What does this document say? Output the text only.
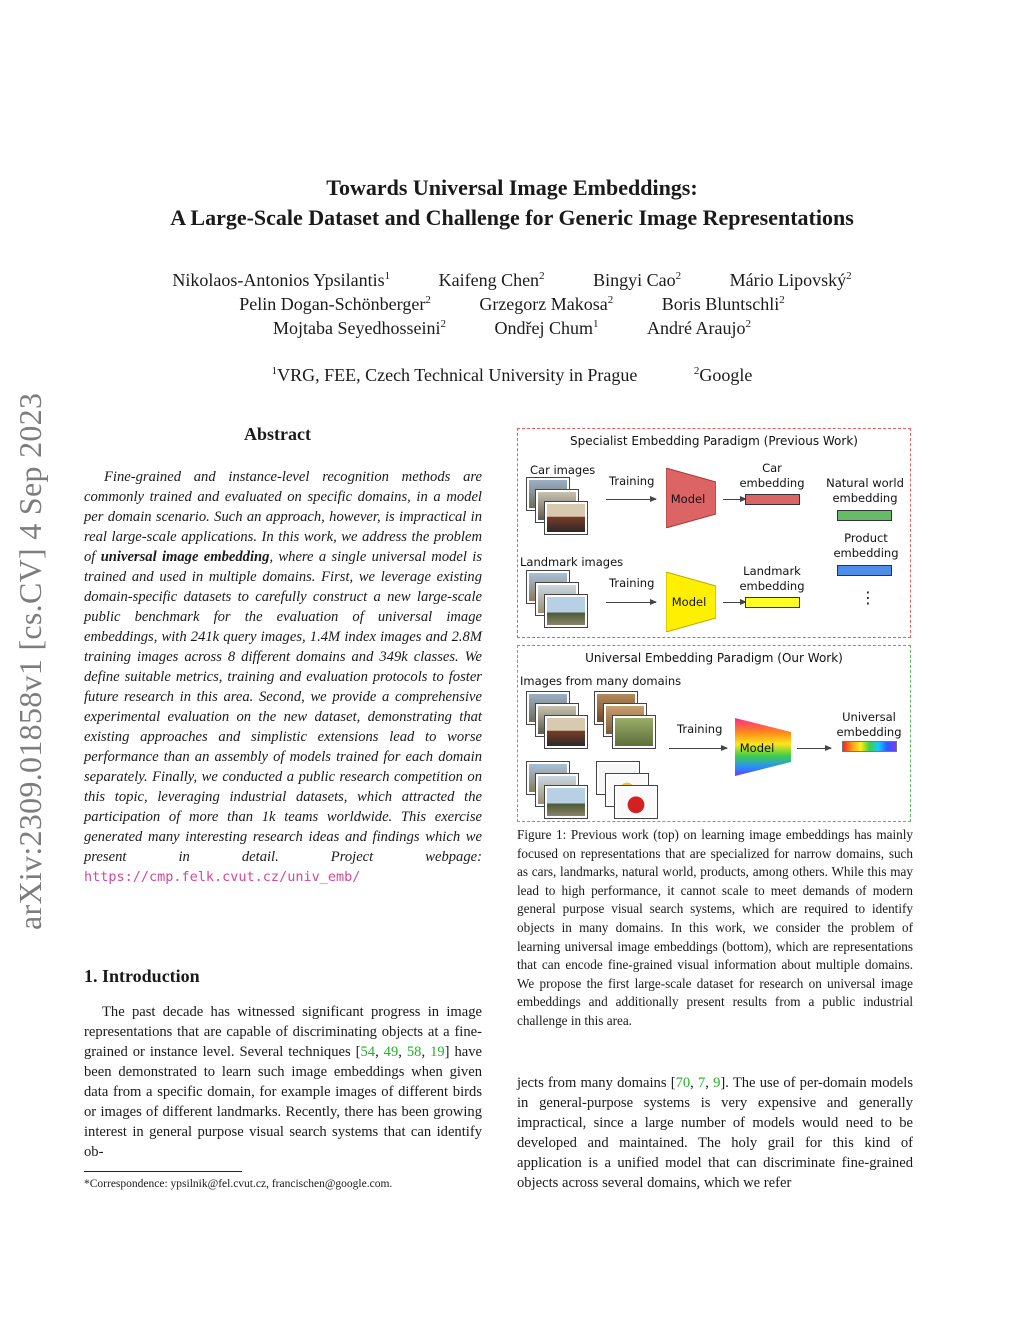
arXiv:2309.01858v1 [cs.CV] 4 Sep 2023
Towards Universal Image Embeddings:
A Large-Scale Dataset and Challenge for Generic Image Representations
Nikolaos-Antonios Ypsilantis$^1$	Kaifeng Chen$^2$	Bingyi Cao$^2$	Mário Lipovský$^2$
Pelin Dogan-Schönberger$^2$	Grzegorz Makosa$^2$	Boris Bluntschli$^2$
Mojtaba Seyedhosseini$^2$	Ondřej Chum$^1$	André Araujo$^2$
$^1$VRG, FEE, Czech Technical University in Prague	$^2$Google
Abstract
Fine-grained and instance-level recognition methods are commonly trained and evaluated on specific domains, in a model per domain scenario. Such an approach, however, is impractical in real large-scale applications. In this work, we address the problem of universal image embedding, where a single universal model is trained and used in multiple domains. First, we leverage existing domain-specific datasets to carefully construct a new large-scale public benchmark for the evaluation of universal image embeddings, with 241k query images, 1.4M index images and 2.8M training images across 8 different domains and 349k classes. We define suitable metrics, training and evaluation protocols to foster future research in this area. Second, we provide a comprehensive experimental evaluation on the new dataset, demonstrating that existing approaches and simplistic extensions lead to worse performance than an assembly of models trained for each domain separately. Finally, we conducted a public research competition on this topic, leveraging industrial datasets, which attracted the participation of more than 1k teams worldwide. This exercise generated many interesting research ideas and findings which we present in detail. Project webpage: https://cmp.felk.cvut.cz/univ_emb/
1. Introduction
The past decade has witnessed significant progress in image representations that are capable of discriminating objects at a fine-grained or instance level. Several techniques [54, 49, 58, 19] have been demonstrated to learn such image embeddings when given data from a specific domain, for example images of different birds or images of different landmarks. Recently, there has been growing interest in general purpose visual search systems that can identify ob-
*Correspondence: ypsilnik@fel.cvut.cz, francischen@google.com.
Specialist Embedding Paradigm (Previous Work)
Car images
Training
Model
Car embedding	Natural world embedding
Product embedding
⋮
Landmark images
Training
Model
Landmark embedding
Universal Embedding Paradigm (Our Work)
Images from many domains
Training
Model
Universal embedding
Figure 1: Previous work (top) on learning image embeddings has mainly focused on representations that are specialized for narrow domains, such as cars, landmarks, natural world, products, among others. While this may lead to high performance, it cannot scale to meet demands of modern general purpose visual search systems, which are required to identify objects in many domains. In this work, we consider the problem of learning universal image embeddings (bottom), which are representations that can encode fine-grained visual information about multiple domains. We propose the first large-scale dataset for research on universal image embeddings and additionally present results from a public industrial challenge in this area.
jects from many domains [70, 7, 9]. The use of per-domain models in general-purpose systems is very expensive and generally impractical, since a large number of models would need to be developed and maintained. The holy grail for this kind of application is a unified model that can discriminate fine-grained objects across several domains, which we refer
